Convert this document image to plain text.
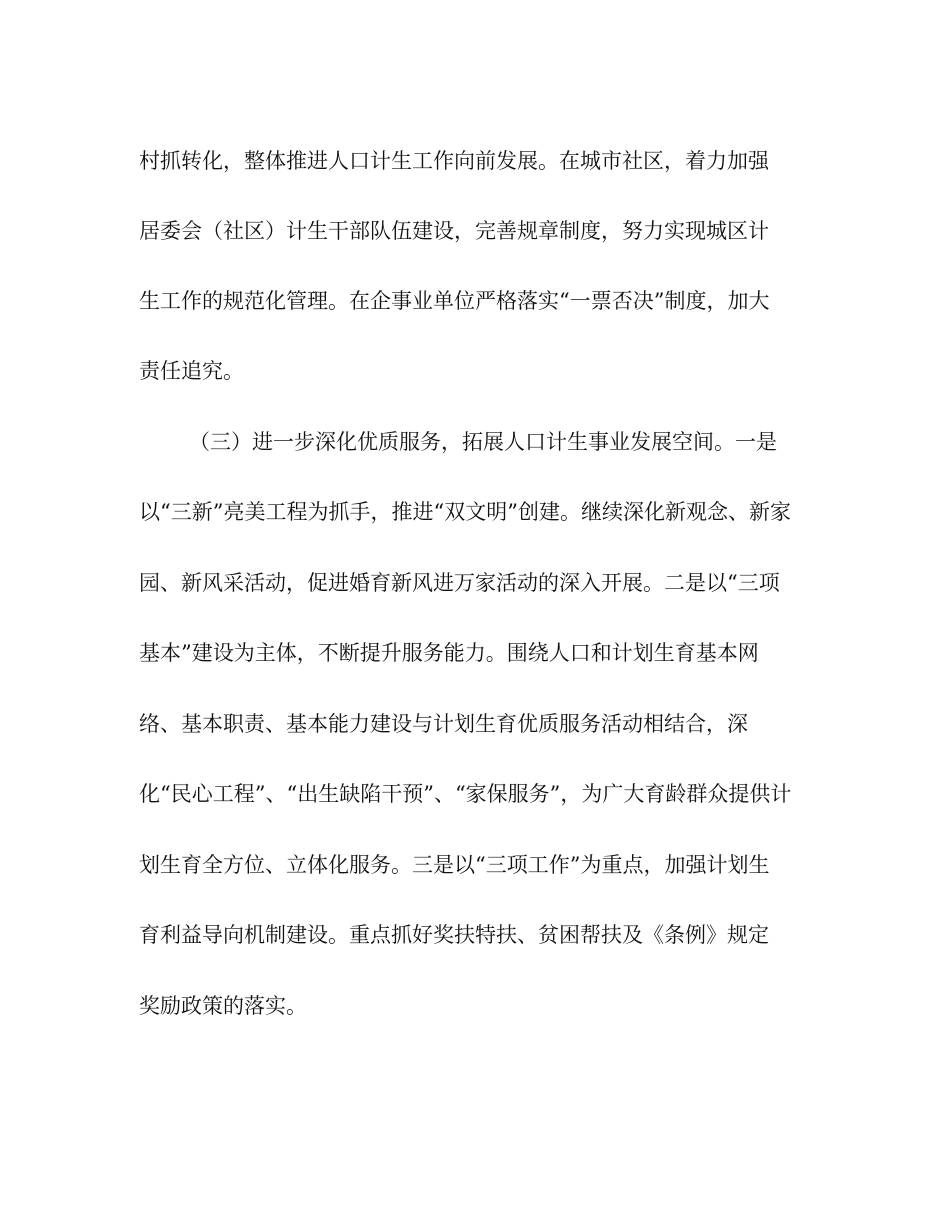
村抓转化，整体推进人口计生工作向前发展。在城市社区，着力加强
居委会（社区）计生干部队伍建设，完善规章制度，努力实现城区计
生工作的规范化管理。在企事业单位严格落实“一票否决”制度，加大
责任追究。
（三）进一步深化优质服务，拓展人口计生事业发展空间。一是
以“三新”亮美工程为抓手，推进“双文明”创建。继续深化新观念、新家
园、新风采活动，促进婚育新风进万家活动的深入开展。二是以“三项
基本”建设为主体，不断提升服务能力。围绕人口和计划生育基本网
络、基本职责、基本能力建设与计划生育优质服务活动相结合，深
化“民心工程”、“出生缺陷干预”、“家保服务”，为广大育龄群众提供计
划生育全方位、立体化服务。三是以“三项工作”为重点，加强计划生
育利益导向机制建设。重点抓好奖扶特扶、贫困帮扶及《条例》规定
奖励政策的落实。
